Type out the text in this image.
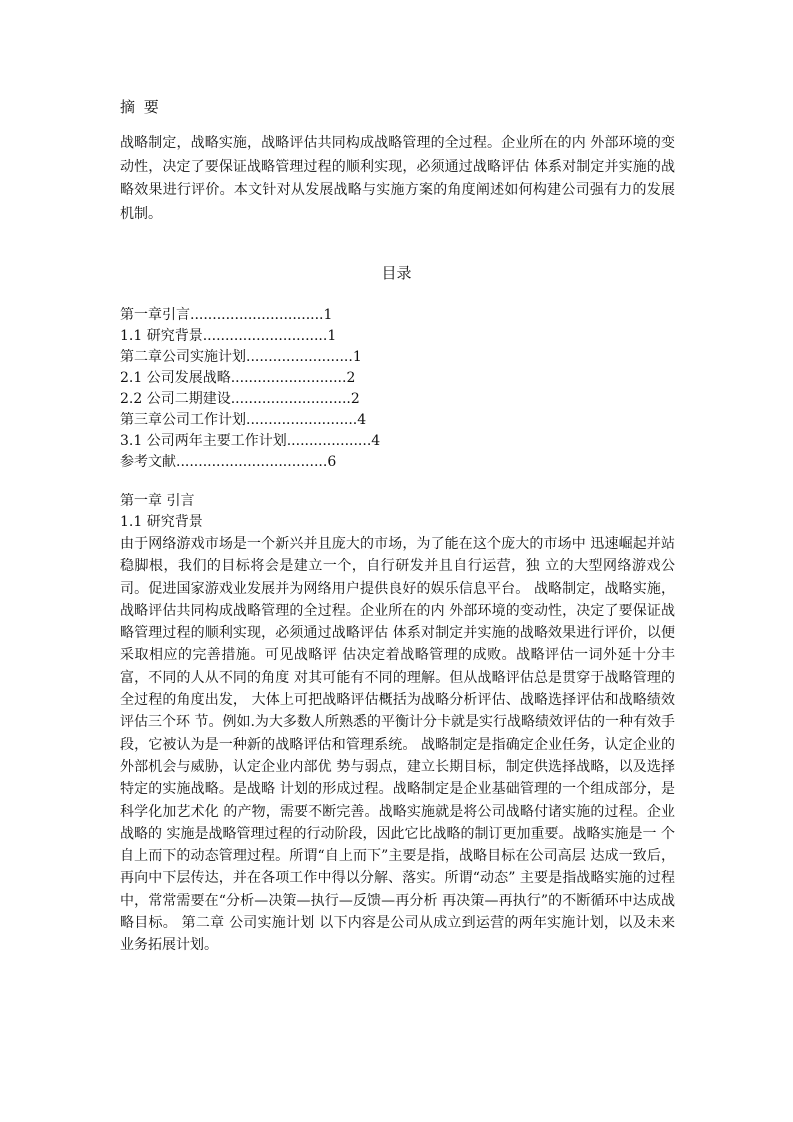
摘 要
战略制定，战略实施，战略评估共同构成战略管理的全过程。企业所在的内 外部环境的变动性，决定了要保证战略管理过程的顺利实现，必须通过战略评估 体系对制定并实施的战略效果进行评价。本文针对从发展战略与实施方案的角度阐述如何构建公司强有力的发展机制。
目录
第一章引言..............................1
1.1 研究背景............................1
第二章公司实施计划........................1
2.1 公司发展战略..........................2
2.2 公司二期建设...........................2
第三章公司工作计划.........................4
3.1 公司两年主要工作计划...................4
参考文献..................................6
第一章 引言
1.1 研究背景
由于网络游戏市场是一个新兴并且庞大的市场，为了能在这个庞大的市场中 迅速崛起并站稳脚根，我们的目标将会是建立一个，自行研发并且自行运营，独 立的大型网络游戏公司。促进国家游戏业发展并为网络用户提供良好的娱乐信息平台。 战略制定，战略实施，战略评估共同构成战略管理的全过程。企业所在的内 外部环境的变动性，决定了要保证战略管理过程的顺利实现，必须通过战略评估 体系对制定并实施的战略效果进行评价，以便采取相应的完善措施。可见战略评 估决定着战略管理的成败。战略评估一词外延十分丰富，不同的人从不同的角度 对其可能有不同的理解。但从战略评估总是贯穿于战略管理的全过程的角度出发， 大体上可把战略评估概括为战略分析评估、战略选择评估和战略绩效评估三个环 节。例如.为大多数人所熟悉的平衡计分卡就是实行战略绩效评估的一种有效手 段，它被认为是一种新的战略评估和管理系统。 战略制定是指确定企业任务，认定企业的外部机会与威胁，认定企业内部优 势与弱点，建立长期目标，制定供选择战略，以及选择特定的实施战略。是战略 计划的形成过程。战略制定是企业基础管理的一个组成部分，是科学化加艺术化 的产物，需要不断完善。战略实施就是将公司战略付诸实施的过程。企业战略的 实施是战略管理过程的行动阶段，因此它比战略的制订更加重要。战略实施是一 个自上而下的动态管理过程。所谓“自上而下”主要是指，战略目标在公司高层 达成一致后，再向中下层传达，并在各项工作中得以分解、落实。所谓“动态” 主要是指战略实施的过程中，常常需要在“分析—决策—执行—反馈—再分析 再决策—再执行”的不断循环中达成战略目标。 第二章 公司实施计划 以下内容是公司从成立到运营的两年实施计划，以及未来业务拓展计划。
